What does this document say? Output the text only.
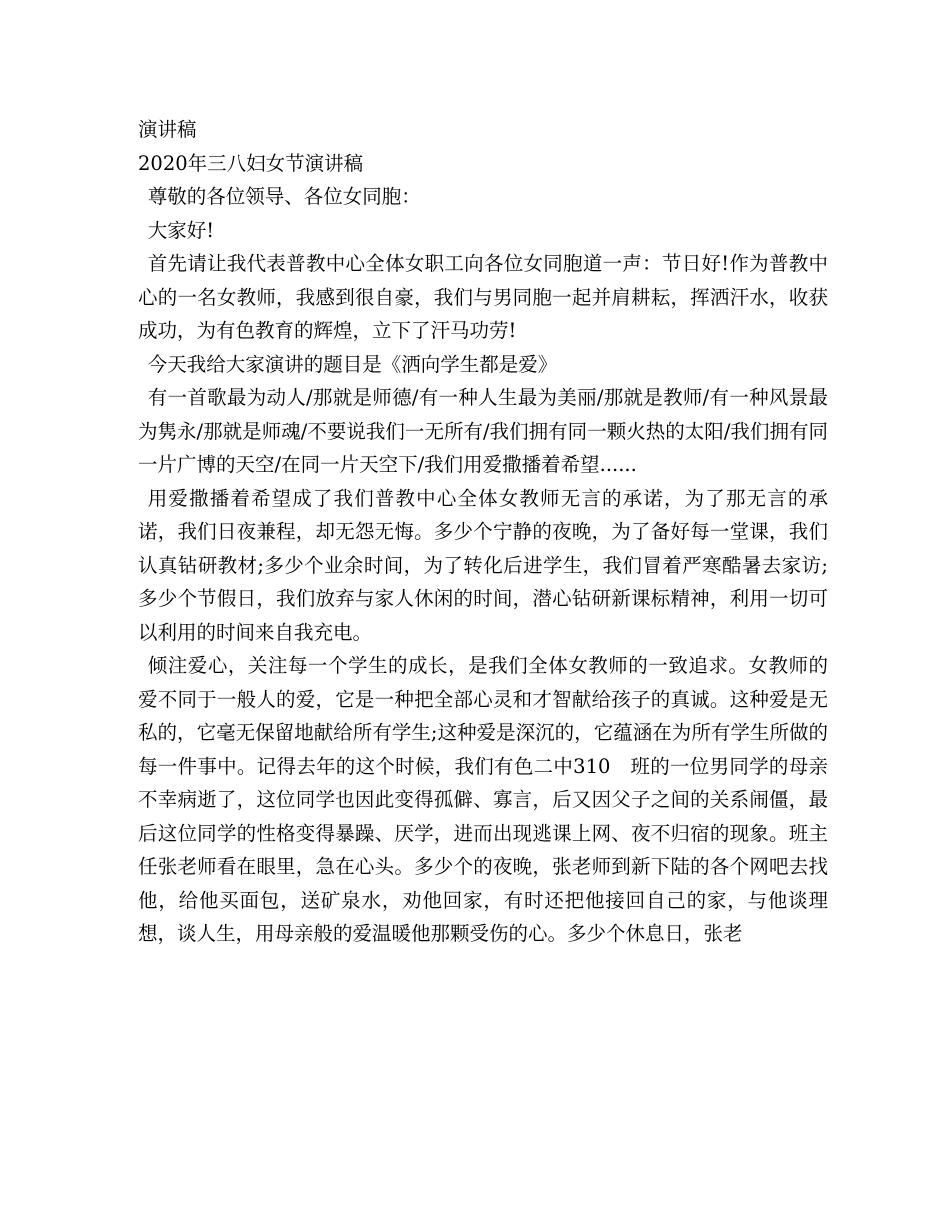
演讲稿
2020年三八妇女节演讲稿

尊敬的各位领导、各位女同胞：

大家好!

首先请让我代表普教中心全体女职工向各位女同胞道一声：节日好!作为普教中心的一名女教师，我感到很自豪，我们与男同胞一起并肩耕耘，挥洒汗水，收获成功，为有色教育的辉煌，立下了汗马功劳!

今天我给大家演讲的题目是《洒向学生都是爱》

有一首歌最为动人/那就是师德/有一种人生最为美丽/那就是教师/有一种风景最为隽永/那就是师魂/不要说我们一无所有/我们拥有同一颗火热的太阳/我们拥有同一片广博的天空/在同一片天空下/我们用爱撒播着希望......

用爱撒播着希望成了我们普教中心全体女教师无言的承诺，为了那无言的承诺，我们日夜兼程，却无怨无悔。多少个宁静的夜晚，为了备好每一堂课，我们认真钻研教材;多少个业余时间，为了转化后进学生，我们冒着严寒酷暑去家访;多少个节假日，我们放弃与家人休闲的时间，潜心钻研新课标精神，利用一切可以利用的时间来自我充电。

倾注爱心，关注每一个学生的成长，是我们全体女教师的一致追求。女教师的爱不同于一般人的爱，它是一种把全部心灵和才智献给孩子的真诚。这种爱是无私的，它毫无保留地献给所有学生;这种爱是深沉的，它蕴涵在为所有学生所做的每一件事中。记得去年的这个时候，我们有色二中310　班的一位男同学的母亲不幸病逝了，这位同学也因此变得孤僻、寡言，后又因父子之间的关系闹僵，最后这位同学的性格变得暴躁、厌学，进而出现逃课上网、夜不归宿的现象。班主任张老师看在眼里，急在心头。多少个的夜晚，张老师到新下陆的各个网吧去找他，给他买面包，送矿泉水，劝他回家，有时还把他接回自己的家，与他谈理想，谈人生，用母亲般的爱温暖他那颗受伤的心。多少个休息日，张老
